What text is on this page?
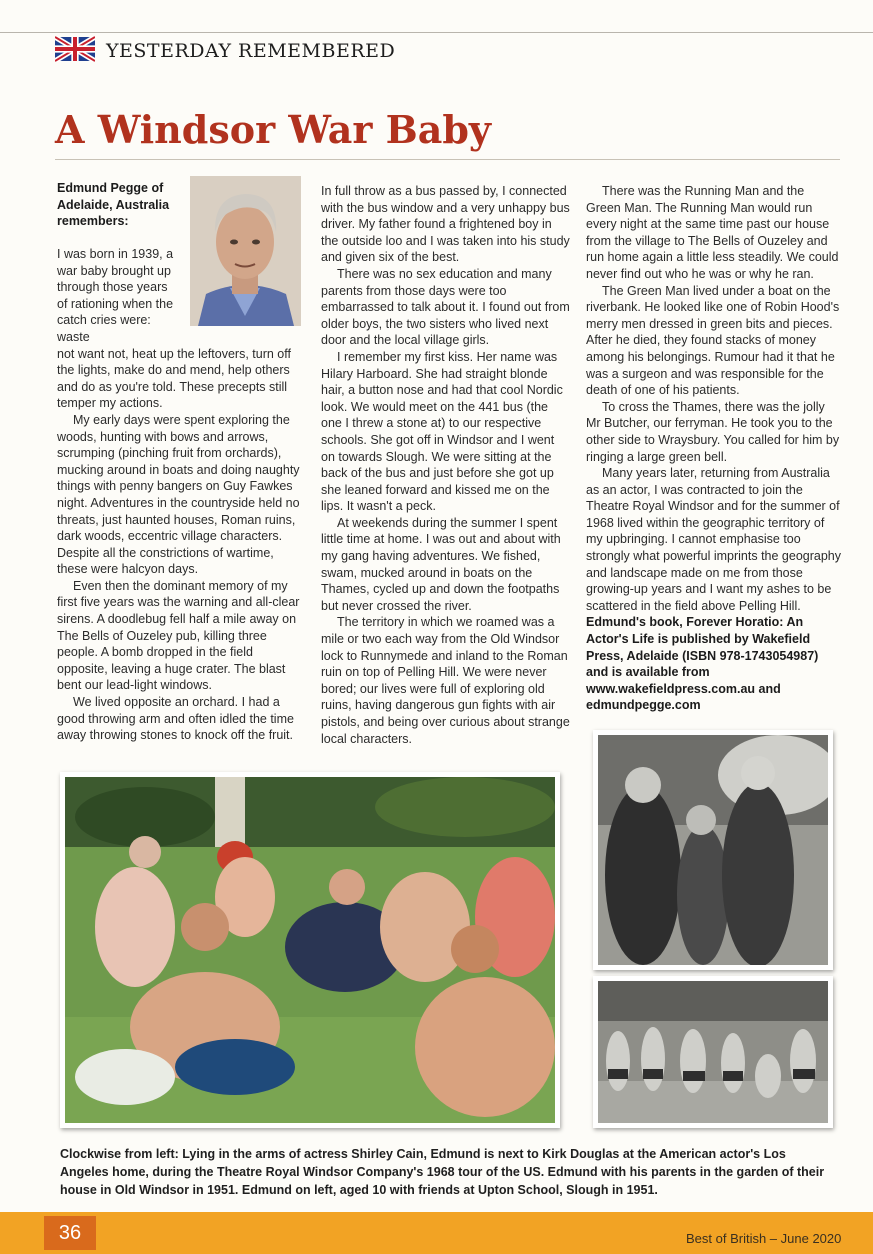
YESTERDAY REMEMBERED
A Windsor War Baby
Edmund Pegge of Adelaide, Australia remembers:

I was born in 1939, a war baby brought up through those years of rationing when the catch cries were: waste

not want not, heat up the leftovers, turn off the lights, make do and mend, help others and do as you're told. These precepts still temper my actions.

My early days were spent exploring the woods, hunting with bows and arrows, scrumping (pinching fruit from orchards), mucking around in boats and doing naughty things with penny bangers on Guy Fawkes night. Adventures in the countryside held no threats, just haunted houses, Roman ruins, dark woods, eccentric village characters. Despite all the constrictions of wartime, these were halcyon days.

Even then the dominant memory of my first five years was the warning and all-clear sirens. A doodlebug fell half a mile away on The Bells of Ouzeley pub, killing three people. A bomb dropped in the field opposite, leaving a huge crater. The blast bent our lead-light windows.

We lived opposite an orchard. I had a good throwing arm and often idled the time away throwing stones to knock off the fruit.

In full throw as a bus passed by, I connected with the bus window and a very unhappy bus driver. My father found a frightened boy in the outside loo and I was taken into his study and given six of the best.

There was no sex education and many parents from those days were too embarrassed to talk about it. I found out from older boys, the two sisters who lived next door and the local village girls.

I remember my first kiss. Her name was Hilary Harboard. She had straight blonde hair, a button nose and had that cool Nordic look. We would meet on the 441 bus (the one I threw a stone at) to our respective schools. She got off in Windsor and I went on towards Slough. We were sitting at the back of the bus and just before she got up she leaned forward and kissed me on the lips. It wasn't a peck.

At weekends during the summer I spent little time at home. I was out and about with my gang having adventures. We fished, swam, mucked around in boats on the Thames, cycled up and down the footpaths but never crossed the river.

The territory in which we roamed was a mile or two each way from the Old Windsor lock to Runnymede and inland to the Roman ruin on top of Pelling Hill. We were never bored; our lives were full of exploring old ruins, having dangerous gun fights with air pistols, and being over curious about strange local characters.

There was the Running Man and the Green Man. The Running Man would run every night at the same time past our house from the village to The Bells of Ouzeley and run home again a little less steadily. We could never find out who he was or why he ran.

The Green Man lived under a boat on the riverbank. He looked like one of Robin Hood's merry men dressed in green bits and pieces. After he died, they found stacks of money among his belongings. Rumour had it that he was a surgeon and was responsible for the death of one of his patients.

To cross the Thames, there was the jolly Mr Butcher, our ferryman. He took you to the other side to Wraysbury. You called for him by ringing a large green bell.

Many years later, returning from Australia as an actor, I was contracted to join the Theatre Royal Windsor and for the summer of 1968 lived within the geographic territory of my upbringing. I cannot emphasise too strongly what powerful imprints the geography and landscape made on me from those growing-up years and I want my ashes to be scattered in the field above Pelling Hill.

Edmund's book, Forever Horatio: An Actor's Life is published by Wakefield Press, Adelaide (ISBN 978-1743054987) and is available from www.wakefieldpress.com.au and edmundpegge.com

Clockwise from left: Lying in the arms of actress Shirley Cain, Edmund is next to Kirk Douglas at the American actor's Los Angeles home, during the Theatre Royal Windsor Company's 1968 tour of the US. Edmund with his parents in the garden of their house in Old Windsor in 1951. Edmund on left, aged 10 with friends at Upton School, Slough in 1951.

36	Best of British – June 2020
